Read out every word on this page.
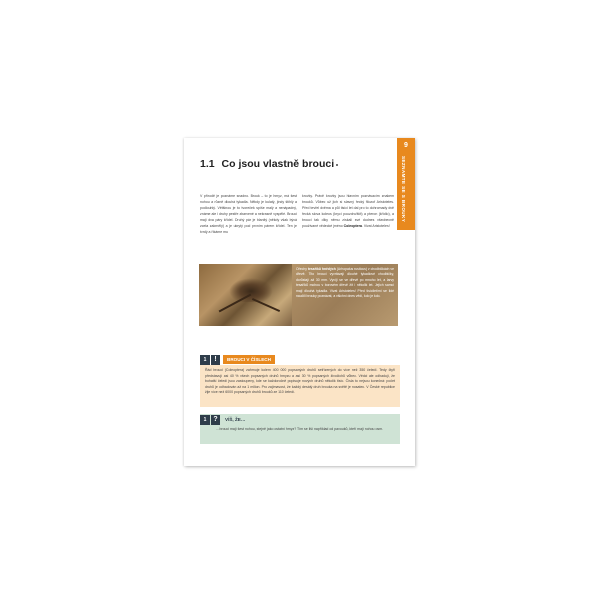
9
SEZNAMTE SE S BROUKY
1.1 Co jsou vlastně brouci
V přírodě je poznáme snadno. Brouk – to je hmyz, má šest nohou a různě dlouhá tykadla. Někdy je kulatý, jindy štíhlý a podlouhlý. Většinou je to tvoreček spíše malý a nenápadný, známe ale i druhy pestře zbarvené a nekrasně vyspělé. Brouci mají dva páry křídel. Druhý pár je blanitý (někdy však bývá zcela zakrnělý) a je ukrytý pod prvním párem křídel. Ten je tvrdý a říkáme mu
krovky. Právě krovky jsou hlavním poznávacím znakem brouků. Vůbec už jich si slavný řecký filozof Aristoteles. Před tevřel dvěma a půl tisíci let dal pro to dohromady dvě řecká slova koleos (krycí pouzdro/štít) a pteron (křídlo), a brouci tak díky němu získali své dodnes všeobecně používané vědecké jméno Coleoptera. Vivat Aristoteles!
Ořechy tesaříků hnědých (Arhopalus rusticus) v chodbičkách ve dřevě. Tito brouci vyvrtávají dlouhé tykadlové chodbičky, dorůstají až 30 mm. Vyvíjí se ve dřevě po mnoho let, a larvy tesaříků mohou v borovém dřevě žít i několik let. Jejich samci mají dlouhá tykadla. Vivat Aristoteles! Před tisíciletími se lidé naučili brouky poznávat, a všichni dnes vědí, kdo je kdo.
1	!	BROUCI V ČÍSLECH
Řád brouci (Coleoptera) zahrnuje kolem 400 000 popsaných druhů setřízených do více než 350 čeledí. Tedy čtyři představují asi 40 % všech popsaných druhů hmyzu a asi 30 % popsaných živočichů vůbec. Vědci ale odhadují, že bohatší čeledi jsou zastoupeny, kde se každoročně popisuje nových druhů několik tisíc. Čísla to nejsou konečná: počet druhů je odhadován až na 1 milion. Pro zajímavost, že každý desátý druh brouka na světě je nosatec. V České republice žije více než 6000 popsaných druhů brouků ze 110 čeledí.
1 ?	VÍŠ, ŽE…
…brouci mají šest nohou, stejně jako ostatní hmyz? Tím se liší například od pavouků, kteří mají nohou osm.
